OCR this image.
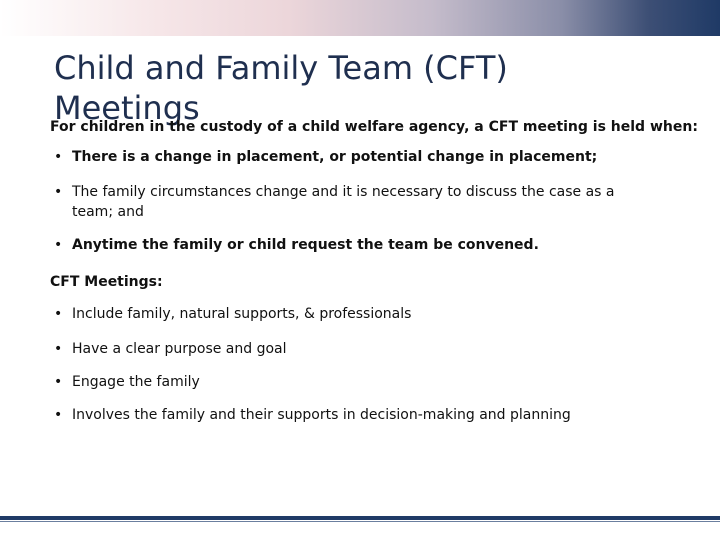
Child and Family Team (CFT) Meetings

For children in the custody of a child welfare agency, a CFT meeting is held when:

• There is a change in placement, or potential change in placement;
• The family circumstances change and it is necessary to discuss the case as a team; and
• Anytime the family or child request the team be convened.

CFT Meetings:

• Include family, natural supports, & professionals
• Have a clear purpose and goal
• Engage the family
• Involves the family and their supports in decision-making and planning
